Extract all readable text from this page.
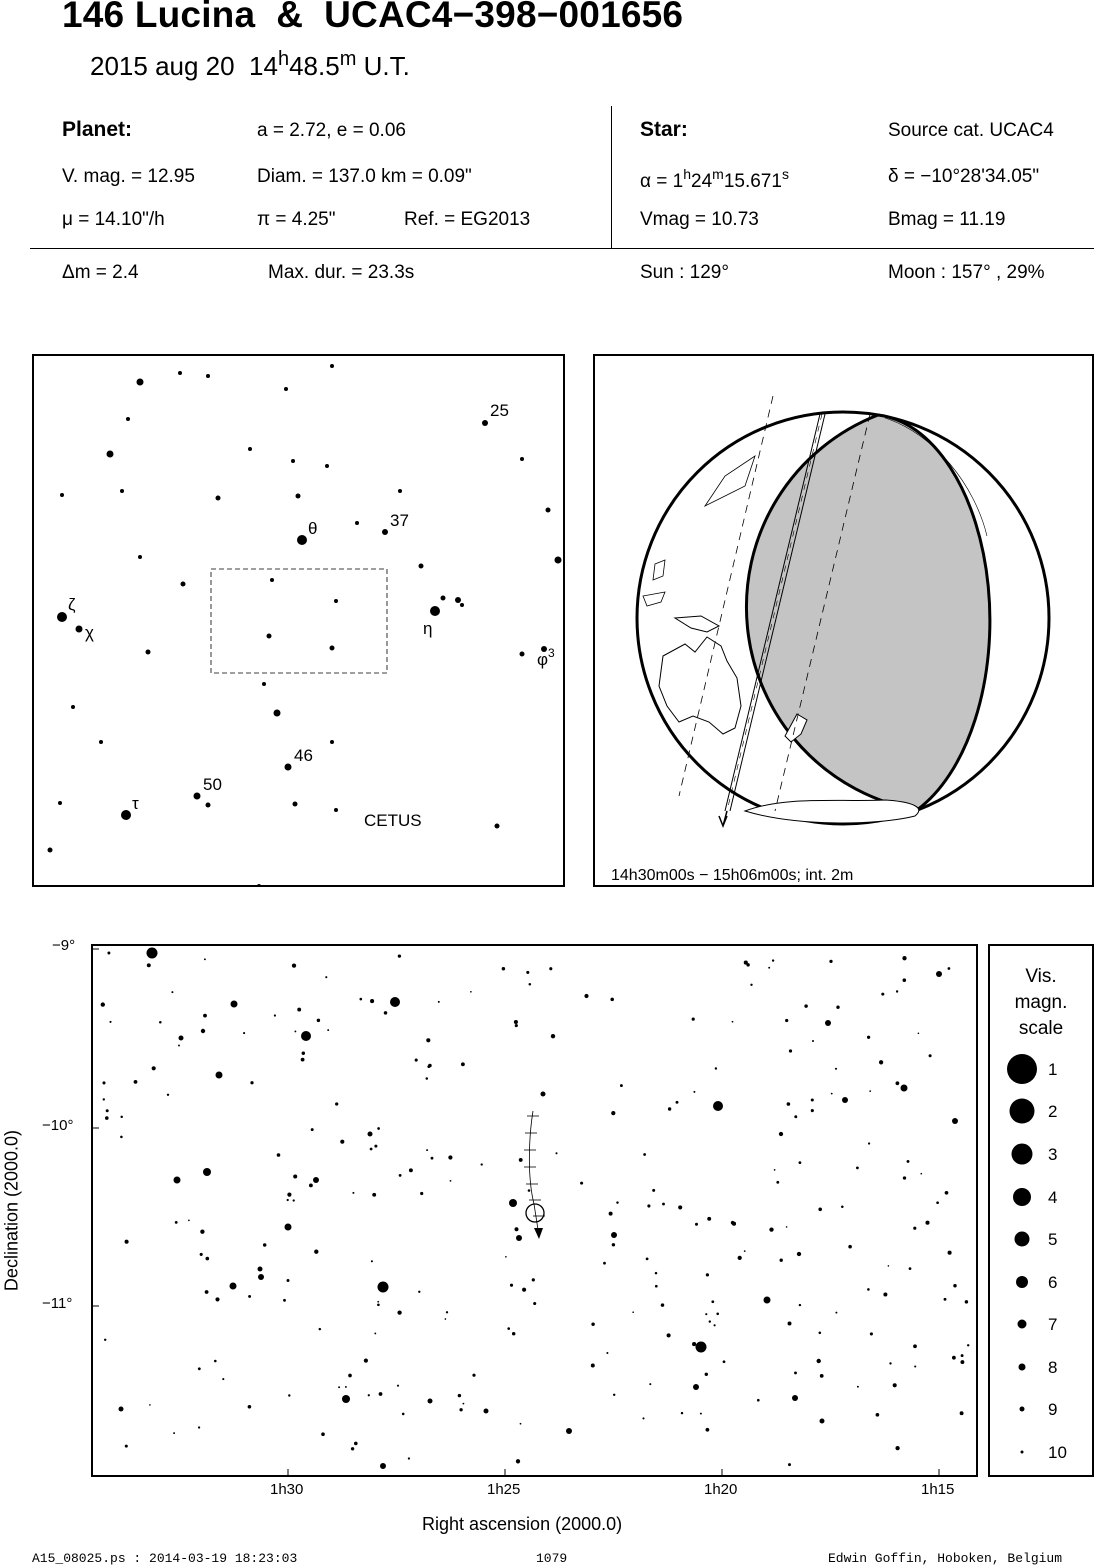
146 Lucina & UCAC4−398−001656
2015 aug 20 14$^h$48.5$^m$ U.T.
Planet:	a = 2.72, e = 0.06
V. mag. = 12.95	Diam. = 137.0 km = 0.09"
μ = 14.10"/h	π = 4.25"	Ref. = EG2013
Star:	Source cat. UCAC4
$\alpha = 1^h24^m15.671^s$	δ = −10°28'34.05"
Vmag = 10.73	Bmag = 11.19
Δm = 2.4	Max. dur. = 23.3s	Sun : 129°	Moon : 157° , 29%
25
37
θ
ζ
χ	η
$\varphi^3$
46
50
τ
CETUS
14h30m00s − 15h06m00s; int. 2m
−9°
−10°
−11°
1h30	1h25	1h20	1h15
Right ascension (2000.0)
Declination (2000.0)
Vis.
magn.
scale
1
2
3
4
5
6
7
8
9
10
A15_08025.ps : 2014-03-19 18:23:03	1079	Edwin Goffin, Hoboken, Belgium
